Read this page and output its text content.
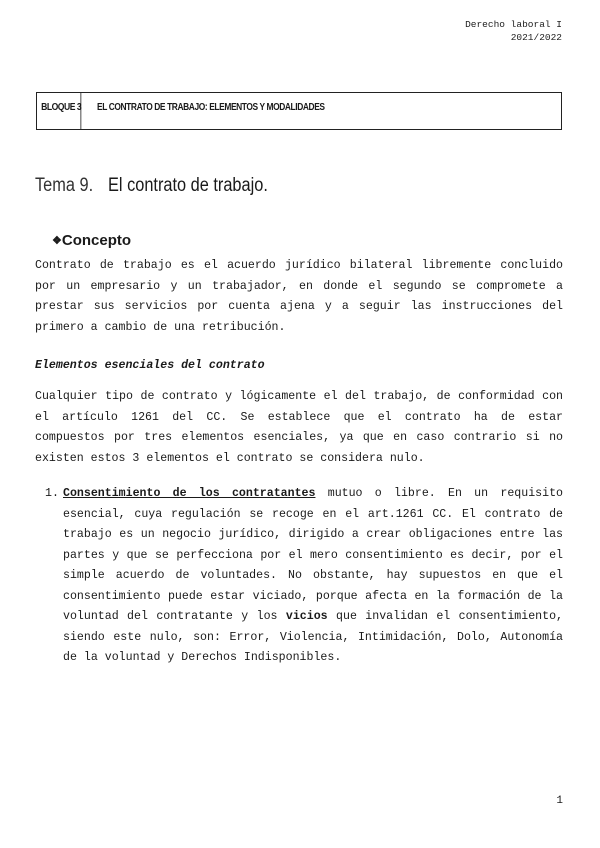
Derecho laboral I
2021/2022
BLOQUE 3	EL CONTRATO DE TRABAJO: ELEMENTOS Y MODALIDADES
Tema 9. El contrato de trabajo.
❖Concepto
Contrato de trabajo es el acuerdo jurídico bilateral libremente concluido por un empresario y un trabajador, en donde el segundo se compromete a prestar sus servicios por cuenta ajena y a seguir las instrucciones del primero a cambio de una retribución.
Elementos esenciales del contrato
Cualquier tipo de contrato y lógicamente el del trabajo, de conformidad con el artículo 1261 del CC. Se establece que el contrato ha de estar compuestos por tres elementos esenciales, ya que en caso contrario si no existen estos 3 elementos el contrato se considera nulo.
1. Consentimiento de los contratantes mutuo o libre. En un requisito esencial, cuya regulación se recoge en el art.1261 CC. El contrato de trabajo es un negocio jurídico, dirigido a crear obligaciones entre las partes y que se perfecciona por el mero consentimiento es decir, por el simple acuerdo de voluntades. No obstante, hay supuestos en que el consentimiento puede estar viciado, porque afecta en la formación de la voluntad del contratante y los vicios que invalidan el consentimiento, siendo este nulo, son: Error, Violencia, Intimidación, Dolo, Autonomía de la voluntad y Derechos Indisponibles.
1
